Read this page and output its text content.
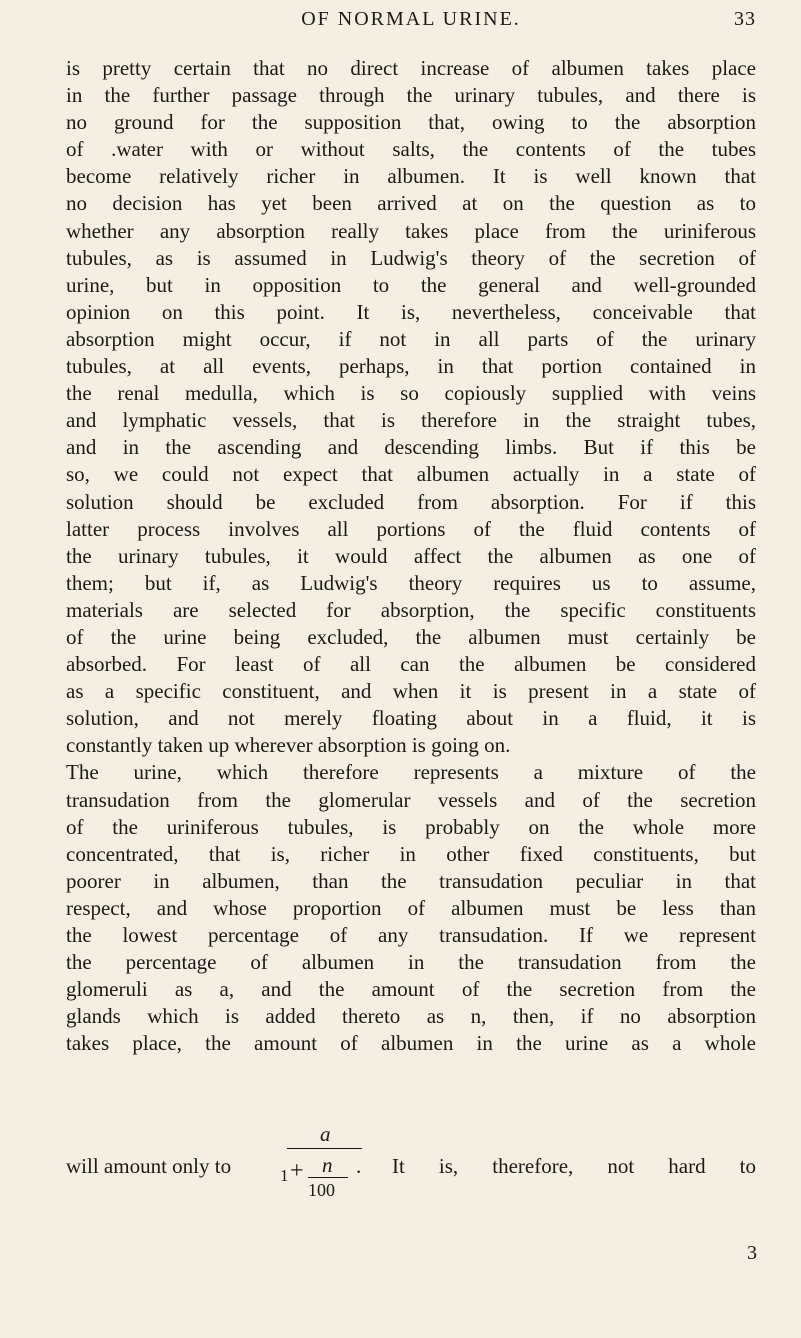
OF NORMAL URINE.	33
is pretty certain that no direct increase of albumen takes place
in the further passage through the urinary tubules, and there is
no ground for the supposition that, owing to the absorption
of .water with or without salts, the contents of the tubes
become relatively richer in albumen. It is well known that
no decision has yet been arrived at on the question as to
whether any absorption really takes place from the uriniferous
tubules, as is assumed in Ludwig's theory of the secretion of
urine, but in opposition to the general and well-grounded
opinion on this point. It is, nevertheless, conceivable that
absorption might occur, if not in all parts of the urinary
tubules, at all events, perhaps, in that portion contained in
the renal medulla, which is so copiously supplied with veins
and lymphatic vessels, that is therefore in the straight tubes,
and in the ascending and descending limbs. But if this be
so, we could not expect that albumen actually in a state of
solution should be excluded from absorption. For if this
latter process involves all portions of the fluid contents of
the urinary tubules, it would affect the albumen as one of
them; but if, as Ludwig's theory requires us to assume,
materials are selected for absorption, the specific constituents
of the urine being excluded, the albumen must certainly be
absorbed. For least of all can the albumen be considered
as a specific constituent, and when it is present in a state of
solution, and not merely floating about in a fluid, it is
constantly taken up wherever absorption is going on.
The urine, which therefore represents a mixture of the
transudation from the glomerular vessels and of the secretion
of the uriniferous tubules, is probably on the whole more
concentrated, that is, richer in other fixed constituents, but
poorer in albumen, than the transudation peculiar in that
respect, and whose proportion of albumen must be less than
the lowest percentage of any transudation. If we represent
the percentage of albumen in the transudation from the
glomeruli as a, and the amount of the secretion from the
glands which is added thereto as n, then, if no absorption
takes place, the amount of albumen in the urine as a whole
will amount only to
a
1 + n .
100
It is, therefore, not hard to
3
